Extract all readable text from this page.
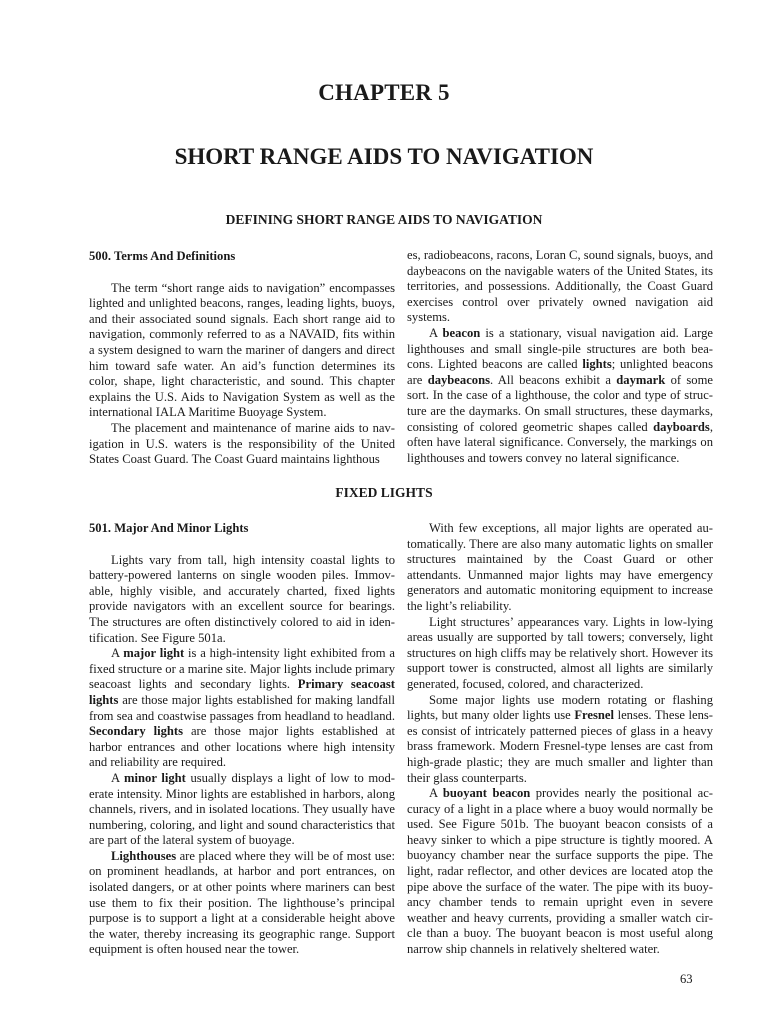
CHAPTER 5
SHORT RANGE AIDS TO NAVIGATION
DEFINING SHORT RANGE AIDS TO NAVIGATION
500. Terms And Definitions

The term “short range aids to navigation” encompasses lighted and unlighted beacons, ranges, leading lights, buoys, and their associated sound signals. Each short range aid to navigation, commonly referred to as a NAVAID, fits within a system designed to warn the mariner of dangers and direct him toward safe water. An aid’s function determines its color, shape, light characteristic, and sound. This chapter explains the U.S. Aids to Navigation System as well as the international IALA Maritime Buoyage System.

The placement and maintenance of marine aids to navigation in U.S. waters is the responsibility of the United States Coast Guard. The Coast Guard maintains lighthous

es, radiobeacons, racons, Loran C, sound signals, buoys, and daybeacons on the navigable waters of the United States, its territories, and possessions. Additionally, the Coast Guard exercises control over privately owned navigation aid systems.

A beacon is a stationary, visual navigation aid. Large lighthouses and small single-pile structures are both beacons. Lighted beacons are called lights; unlighted beacons are daybeacons. All beacons exhibit a daymark of some sort. In the case of a lighthouse, the color and type of structure are the daymarks. On small structures, these daymarks, consisting of colored geometric shapes called dayboards, often have lateral significance. Conversely, the markings on lighthouses and towers convey no lateral significance.

FIXED LIGHTS
501. Major And Minor Lights

Lights vary from tall, high intensity coastal lights to battery-powered lanterns on single wooden piles. Immovable, highly visible, and accurately charted, fixed lights provide navigators with an excellent source for bearings. The structures are often distinctively colored to aid in identification. See Figure 501a.

A major light is a high-intensity light exhibited from a fixed structure or a marine site. Major lights include primary seacoast lights and secondary lights. Primary seacoast lights are those major lights established for making landfall from sea and coastwise passages from headland to headland. Secondary lights are those major lights established at harbor entrances and other locations where high intensity and reliability are required.

A minor light usually displays a light of low to moderate intensity. Minor lights are established in harbors, along channels, rivers, and in isolated locations. They usually have numbering, coloring, and light and sound characteristics that are part of the lateral system of buoyage.

Lighthouses are placed where they will be of most use: on prominent headlands, at harbor and port entrances, on isolated dangers, or at other points where mariners can best use them to fix their position. The lighthouse’s principal purpose is to support a light at a considerable height above the water, thereby increasing its geographic range. Support equipment is often housed near the tower.

With few exceptions, all major lights are operated automatically. There are also many automatic lights on smaller structures maintained by the Coast Guard or other attendants. Unmanned major lights may have emergency generators and automatic monitoring equipment to increase the light’s reliability.

Light structures’ appearances vary. Lights in low-lying areas usually are supported by tall towers; conversely, light structures on high cliffs may be relatively short. However its support tower is constructed, almost all lights are similarly generated, focused, colored, and characterized.

Some major lights use modern rotating or flashing lights, but many older lights use Fresnel lenses. These lenses consist of intricately patterned pieces of glass in a heavy brass framework. Modern Fresnel-type lenses are cast from high-grade plastic; they are much smaller and lighter than their glass counterparts.

A buoyant beacon provides nearly the positional accuracy of a light in a place where a buoy would normally be used. See Figure 501b. The buoyant beacon consists of a heavy sinker to which a pipe structure is tightly moored. A buoyancy chamber near the surface supports the pipe. The light, radar reflector, and other devices are located atop the pipe above the surface of the water. The pipe with its buoyancy chamber tends to remain upright even in severe weather and heavy currents, providing a smaller watch circle than a buoy. The buoyant beacon is most useful along narrow ship channels in relatively sheltered water.

63
